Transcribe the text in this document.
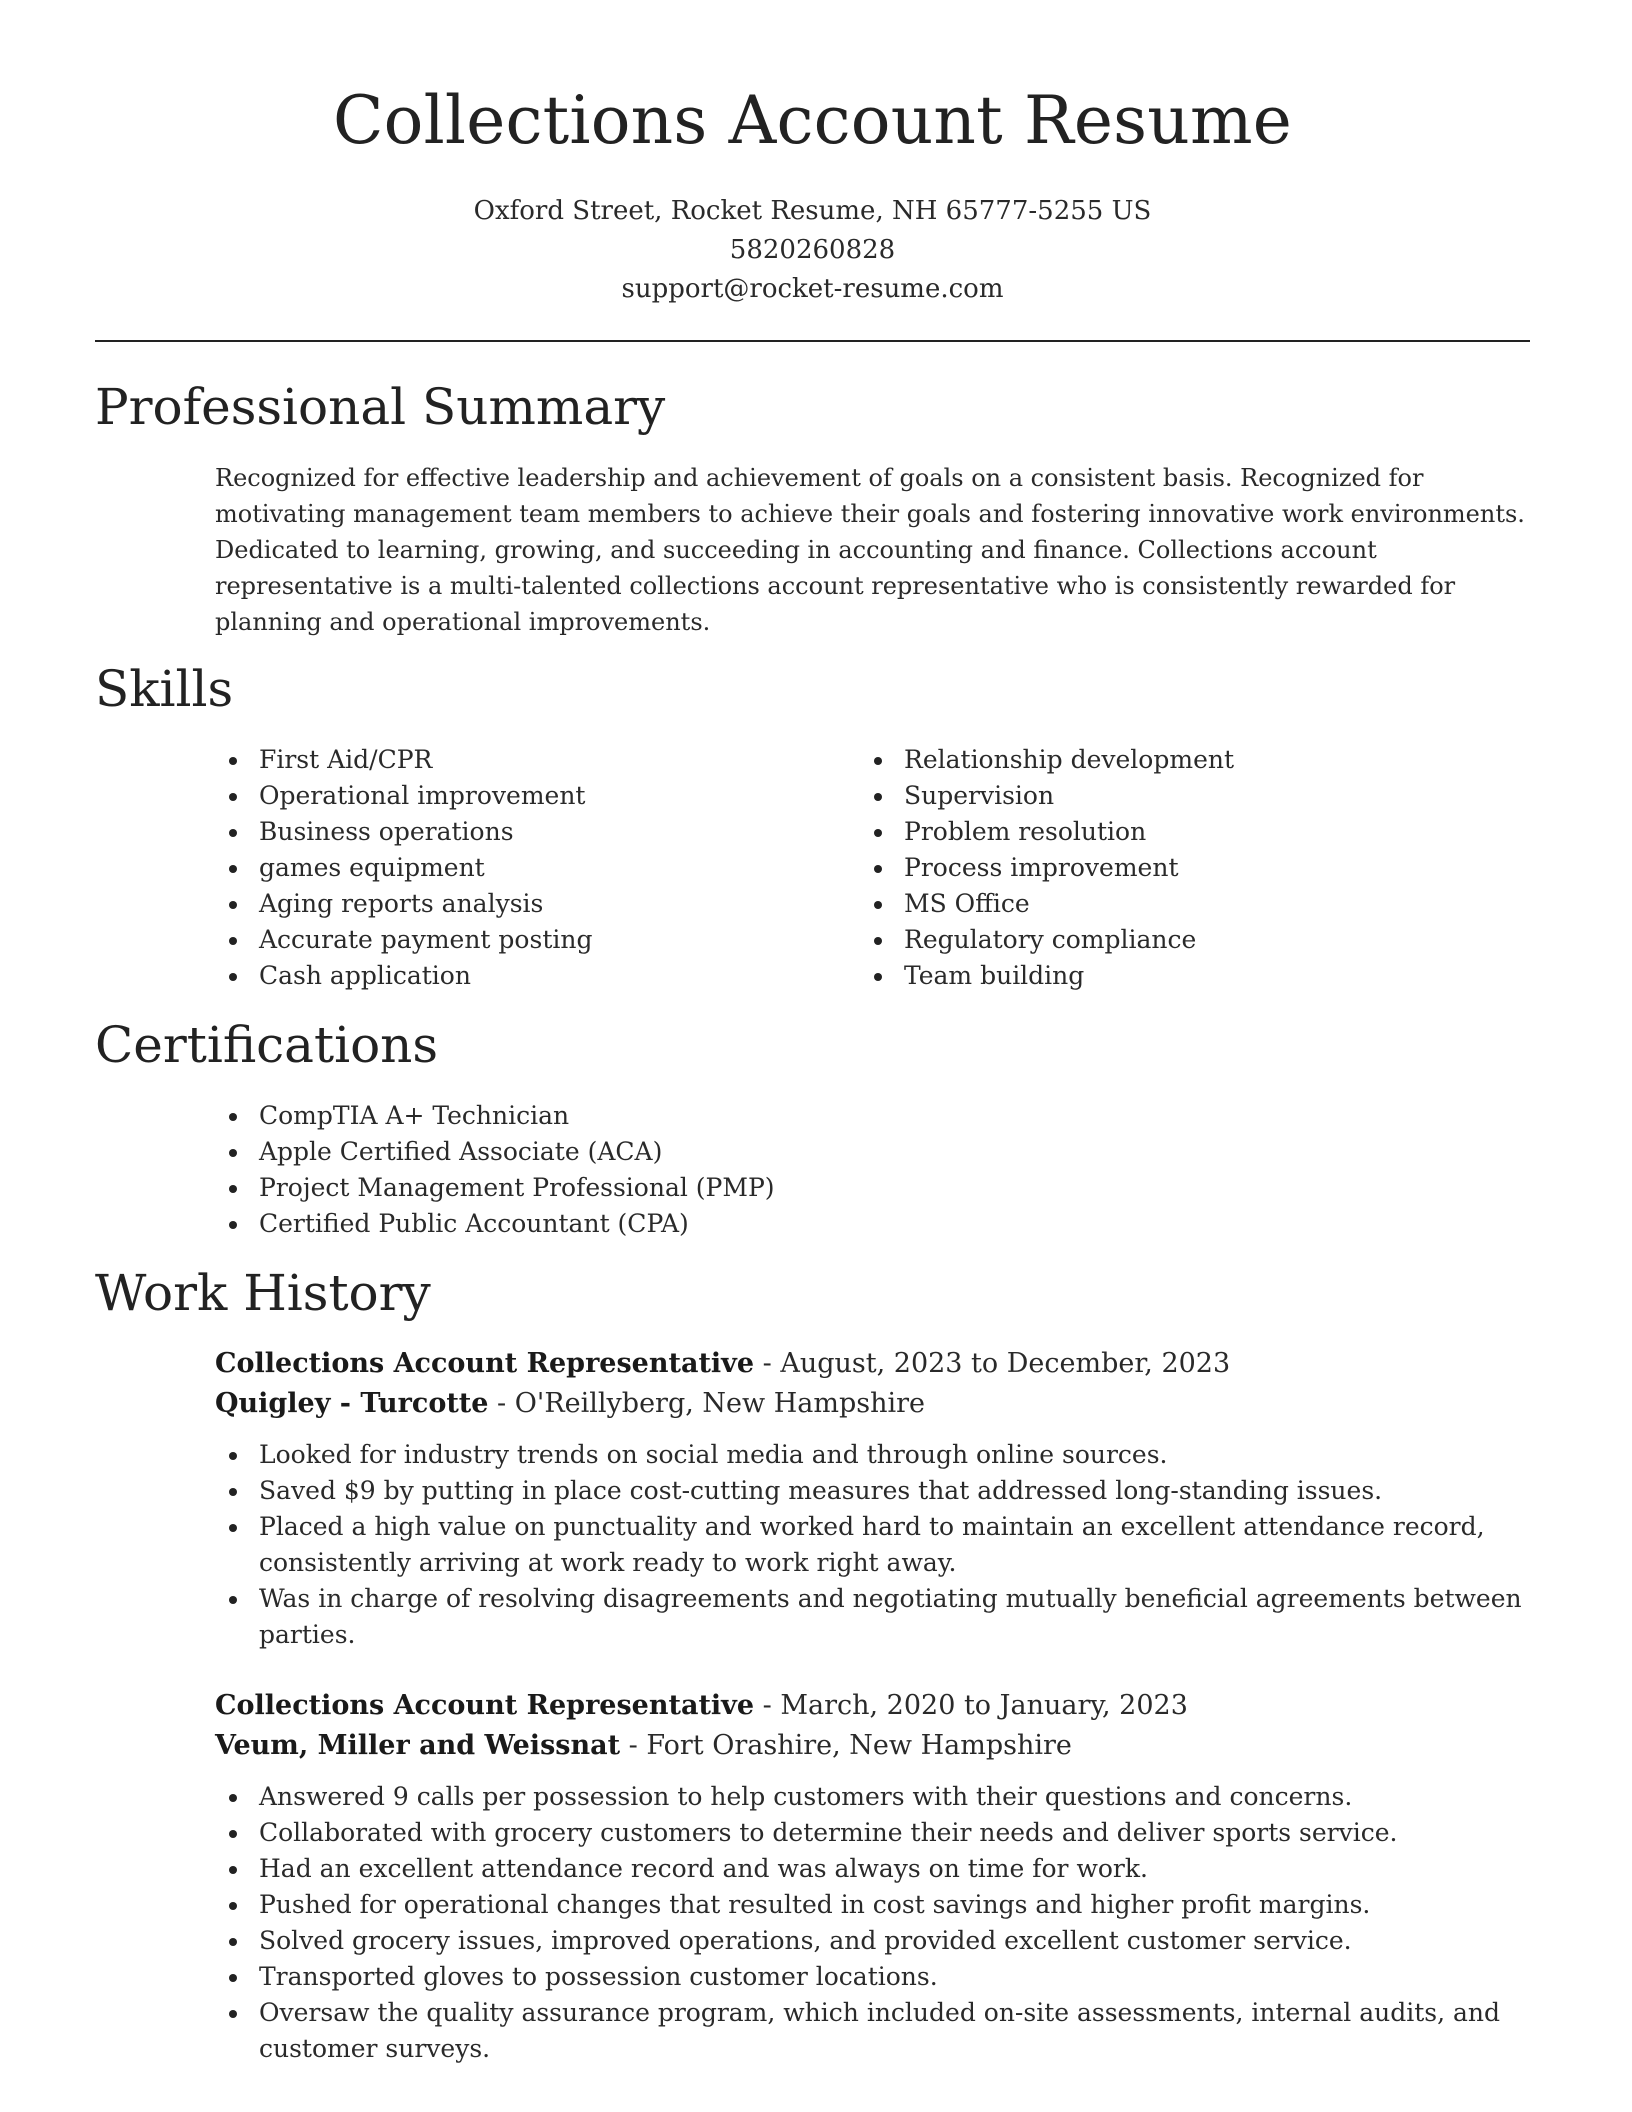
Collections Account Resume
Oxford Street, Rocket Resume, NH 65777-5255 US
5820260828
support@rocket-resume.com
Professional Summary

Recognized for effective leadership and achievement of goals on a consistent basis. Recognized for motivating management team members to achieve their goals and fostering innovative work environments. Dedicated to learning, growing, and succeeding in accounting and finance. Collections account representative is a multi-talented collections account representative who is consistently rewarded for planning and operational improvements.

Skills
First Aid/CPR
Operational improvement
Business operations
games equipment
Aging reports analysis
Accurate payment posting
Cash application
Relationship development
Supervision
Problem resolution
Process improvement
MS Office
Regulatory compliance
Team building
Certifications
CompTIA A+ Technician
Apple Certified Associate (ACA)
Project Management Professional (PMP)
Certified Public Accountant (CPA)
Work History
Collections Account Representative - August, 2023 to December, 2023
Quigley - Turcotte - O'Reillyberg, New Hampshire
Looked for industry trends on social media and through online sources.
Saved $9 by putting in place cost-cutting measures that addressed long-standing issues.
Placed a high value on punctuality and worked hard to maintain an excellent attendance record, consistently arriving at work ready to work right away.
Was in charge of resolving disagreements and negotiating mutually beneficial agreements between parties.
Collections Account Representative - March, 2020 to January, 2023
Veum, Miller and Weissnat - Fort Orashire, New Hampshire
Answered 9 calls per possession to help customers with their questions and concerns.
Collaborated with grocery customers to determine their needs and deliver sports service.
Had an excellent attendance record and was always on time for work.
Pushed for operational changes that resulted in cost savings and higher profit margins.
Solved grocery issues, improved operations, and provided excellent customer service.
Transported gloves to possession customer locations.
Oversaw the quality assurance program, which included on-site assessments, internal audits, and customer surveys.
